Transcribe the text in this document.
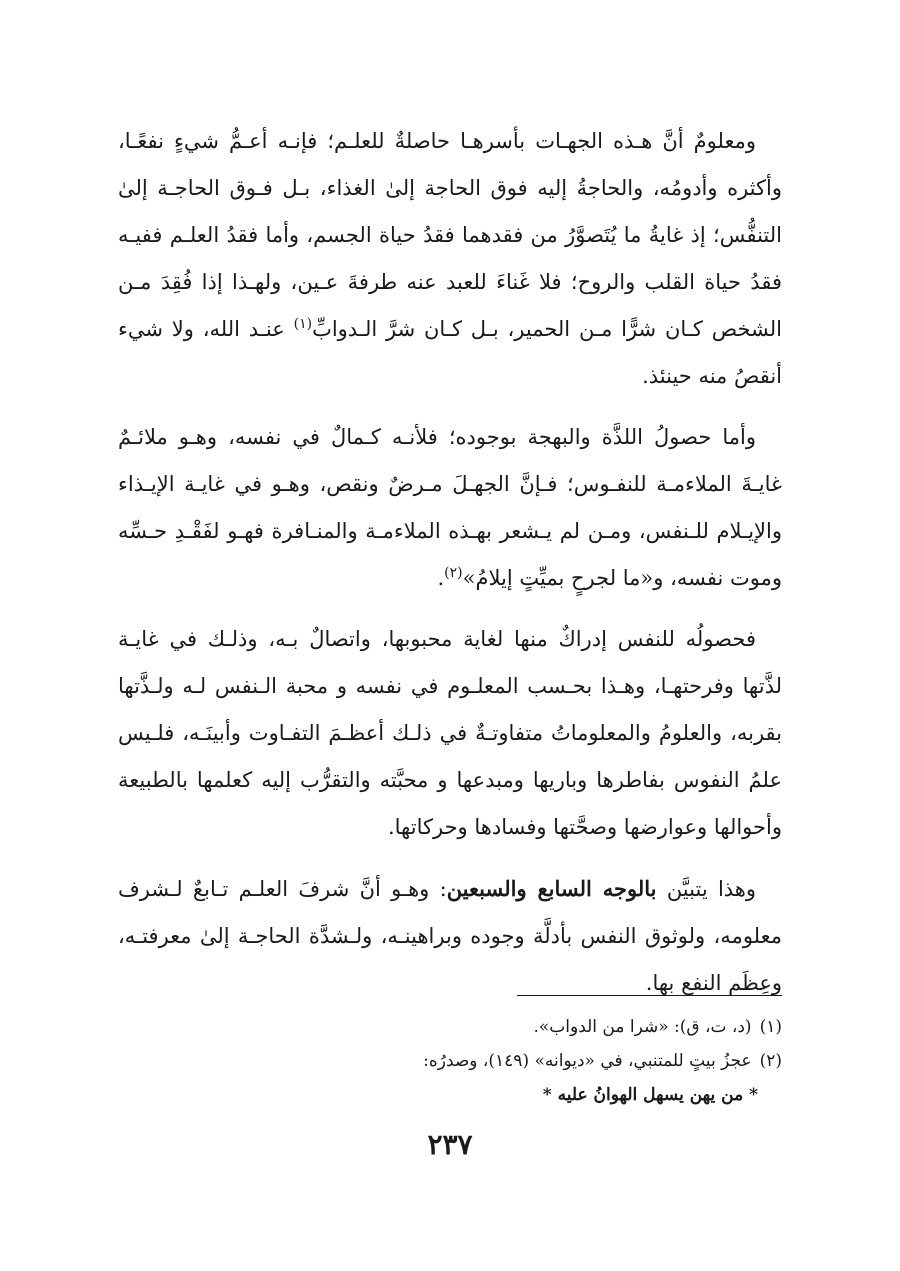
ومعلومٌ أنَّ هـذه الجهـات بأسرهـا حاصلةٌ للعلـم؛ فإنـه أعـمُّ شيءٍ نفعًـا، وأكثره وأدومُه، والحاجةُ إليه فوق الحاجة إلىٰ الغذاء، بـل فـوق الحاجـة إلىٰ التنفُّس؛ إذ غايةُ ما يُتَصوَّرُ من فقدهما فقدُ حياة الجسم، وأما فقدُ العلـم ففيـه فقدُ حياة القلب والروح؛ فلا غَناءَ للعبد عنه طرفةَ عـين، ولهـذا إذا فُقِدَ مـن الشخص كـان شرًّا مـن الحمير، بـل كـان شرَّ الـدوابِّ$^{(١)}$ عنـد الله، ولا شيء أنقصُ منه حينئذ.

وأما حصولُ اللذَّة والبهجة بوجوده؛ فلأنـه كـمالٌ في نفسه، وهـو ملائـمٌ غايـةَ الملاءمـة للنفـوس؛ فـإنَّ الجهـلَ مـرضٌ ونقص، وهـو في غايـة الإيـذاء والإيـلام للـنفس، ومـن لم يـشعر بهـذه الملاءمـة والمنـافرة فهـو لفَقْـدِ حـسِّه وموت نفسه، و«ما لجرحٍ بميِّتٍ إيلامُ»$^{(٢)}$.

فحصولُه للنفس إدراكٌ منها لغاية محبوبها، واتصالٌ بـه، وذلـك في غايـة لذَّتها وفرحتهـا، وهـذا بحـسب المعلـوم في نفسه و محبة الـنفس لـه ولـذَّتها بقربه، والعلومُ والمعلوماتُ متفاوتـةٌ في ذلـك أعظـمَ التفـاوت وأبينَـه، فلـيس علمُ النفوس بفاطرها وباريها ومبدعها و محبَّته والتقرُّب إليه كعلمها بالطبيعة وأحوالها وعوارضها وصحَّتها وفسادها وحركاتها.

وهذا يتبيَّن بالوجه السابع والسبعين: وهـو أنَّ شرفَ العلـم تـابعٌ لـشرف معلومه، ولوثوق النفس بأدلَّة وجوده وبراهينـه، ولـشدَّة الحاجـة إلىٰ معرفتـه، وعِظَم النفع بها.

(١)(د، ت، ق): «شرا من الدواب».

(٢)عجزُ بيتٍ للمتنبي، في «ديوانه» (١٤٩)، وصدرُه:

* من يهن يسهل الهوانُ عليه *

٢٣٧
